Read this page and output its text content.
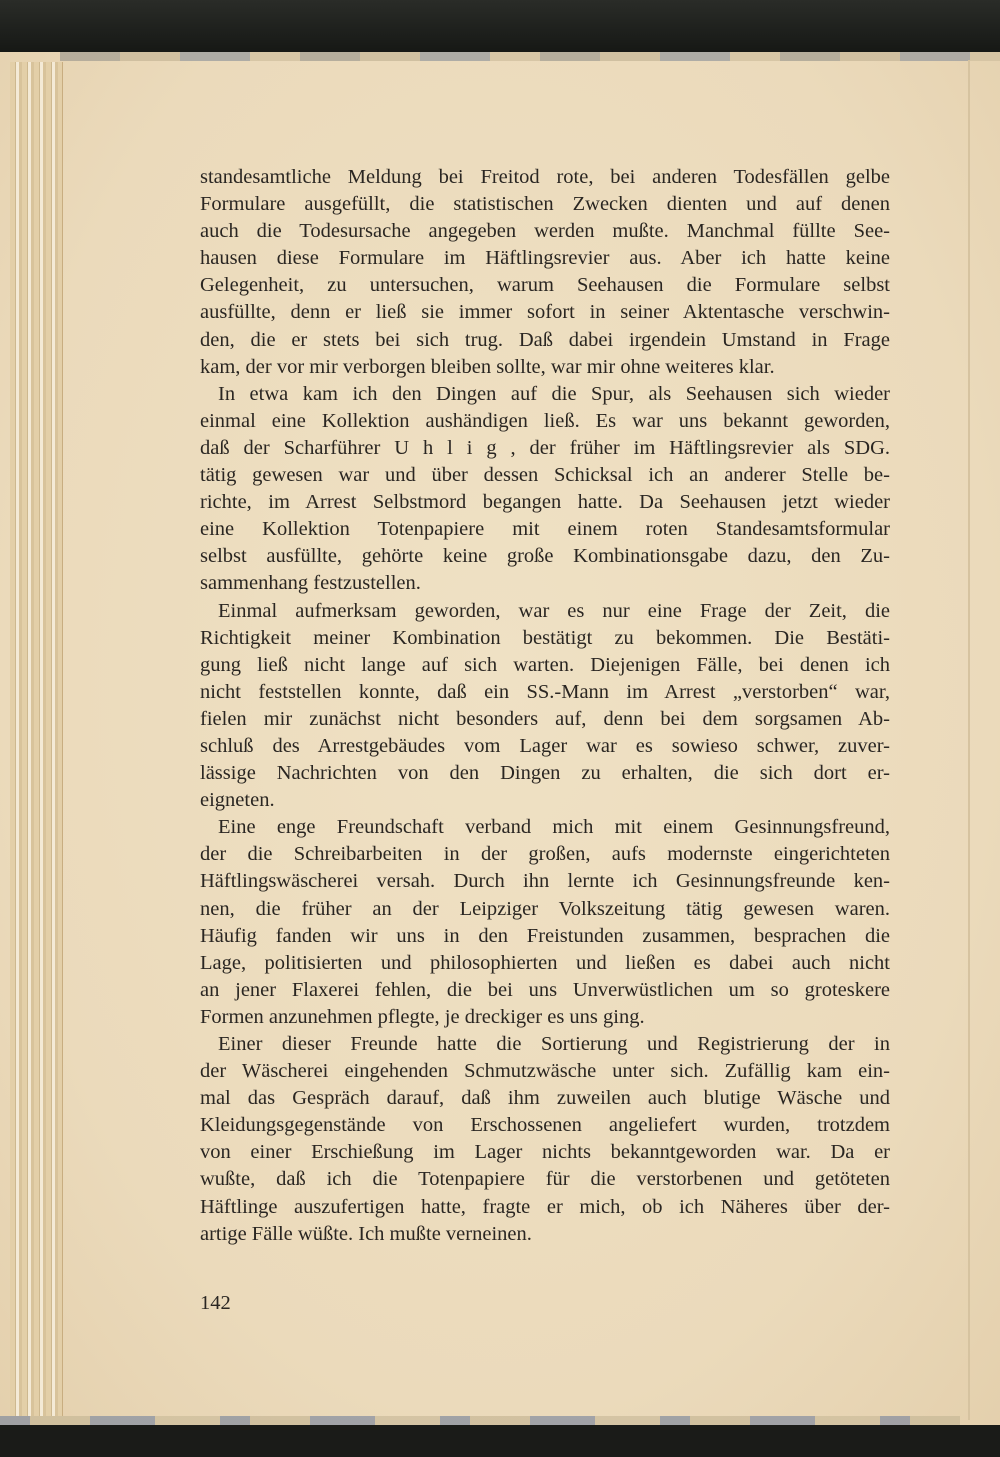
standesamtliche Meldung bei Freitod rote, bei anderen Todesfällen gelbe
Formulare ausgefüllt, die statistischen Zwecken dienten und auf denen
auch die Todesursache angegeben werden mußte. Manchmal füllte See-
hausen diese Formulare im Häftlingsrevier aus. Aber ich hatte keine
Gelegenheit, zu untersuchen, warum Seehausen die Formulare selbst
ausfüllte, denn er ließ sie immer sofort in seiner Aktentasche verschwin-
den, die er stets bei sich trug. Daß dabei irgendein Umstand in Frage
kam, der vor mir verborgen bleiben sollte, war mir ohne weiteres klar.
In etwa kam ich den Dingen auf die Spur, als Seehausen sich wieder
einmal eine Kollektion aushändigen ließ. Es war uns bekannt geworden,
daß der Scharführer U h l i g , der früher im Häftlingsrevier als SDG.
tätig gewesen war und über dessen Schicksal ich an anderer Stelle be-
richte, im Arrest Selbstmord begangen hatte. Da Seehausen jetzt wieder
eine Kollektion Totenpapiere mit einem roten Standesamtsformular
selbst ausfüllte, gehörte keine große Kombinationsgabe dazu, den Zu-
sammenhang festzustellen.
Einmal aufmerksam geworden, war es nur eine Frage der Zeit, die
Richtigkeit meiner Kombination bestätigt zu bekommen. Die Bestäti-
gung ließ nicht lange auf sich warten. Diejenigen Fälle, bei denen ich
nicht feststellen konnte, daß ein SS.-Mann im Arrest „verstorben“ war,
fielen mir zunächst nicht besonders auf, denn bei dem sorgsamen Ab-
schluß des Arrestgebäudes vom Lager war es sowieso schwer, zuver-
lässige Nachrichten von den Dingen zu erhalten, die sich dort er-
eigneten.
Eine enge Freundschaft verband mich mit einem Gesinnungsfreund,
der die Schreibarbeiten in der großen, aufs modernste eingerichteten
Häftlingswäscherei versah. Durch ihn lernte ich Gesinnungsfreunde ken-
nen, die früher an der Leipziger Volkszeitung tätig gewesen waren.
Häufig fanden wir uns in den Freistunden zusammen, besprachen die
Lage, politisierten und philosophierten und ließen es dabei auch nicht
an jener Flaxerei fehlen, die bei uns Unverwüstlichen um so groteskere
Formen anzunehmen pflegte, je dreckiger es uns ging.
Einer dieser Freunde hatte die Sortierung und Registrierung der in
der Wäscherei eingehenden Schmutzwäsche unter sich. Zufällig kam ein-
mal das Gespräch darauf, daß ihm zuweilen auch blutige Wäsche und
Kleidungsgegenstände von Erschossenen angeliefert wurden, trotzdem
von einer Erschießung im Lager nichts bekanntgeworden war. Da er
wußte, daß ich die Totenpapiere für die verstorbenen und getöteten
Häftlinge auszufertigen hatte, fragte er mich, ob ich Näheres über der-
artige Fälle wüßte. Ich mußte verneinen.
142
